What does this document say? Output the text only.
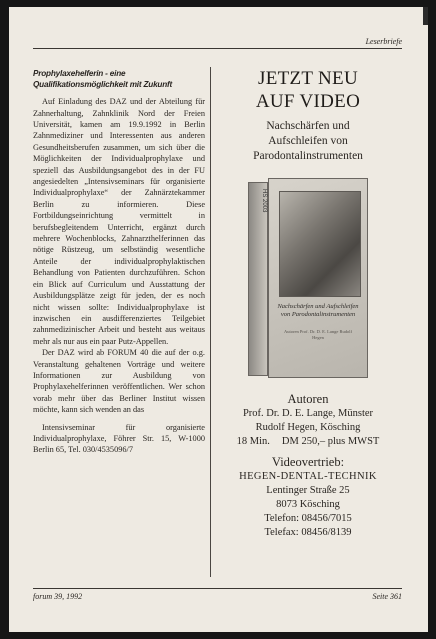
Leserbriefe
Prophylaxehelferin - eine Qualifikationsmöglichkeit mit Zukunft

Auf Einladung des DAZ und der Abteilung für Zahnerhaltung, Zahnklinik Nord der Freien Universität, kamen am 19.9.1992 in Berlin Zahnmediziner und Interessenten aus anderen Gesundheitsberufen zusammen, um sich über die Möglichkeiten der Individualprophylaxe und speziell das Ausbildungsangebot des in der FU angesiedelten „Intensivseminars für organisierte Individualprophylaxe“ der Zahnärztekammer Berlin zu informieren. Diese Fortbildungseinrichtung vermittelt in berufsbegleitendem Unterricht, ergänzt durch mehrere Wochenblocks, Zahnarzthelferinnen das nötige Rüstzeug, um selbständig wesentliche Anteile der individualprophylaktischen Behandlung von Patienten durchzuführen. Schon ein Blick auf Curriculum und Ausstattung der Ausbildungsplätze zeigt für jeden, der es noch nicht wissen sollte: Individualprophylaxe ist inzwischen ein ausdifferenziertes Teilgebiet zahnmedizinischer Arbeit und besteht aus weitaus mehr als nur aus ein paar Putz-Appellen.

Der DAZ wird ab FORUM 40 die auf der o.g. Veranstaltung gehaltenen Vorträge und weitere Informationen zur Ausbildung von Prophylaxehelferinnen veröffentlichen. Wer schon vorab mehr über das Berliner Institut wissen möchte, kann sich wenden an das

Intensivseminar für organisierte Individualprophylaxe, Föhrer Str. 15, W-1000 Berlin 65, Tel. 030/4535096/7

JETZT NEU
AUF VIDEO
Nachschärfen und
Aufschleifen von
Parodontalinstrumenten
HS 2003
Nachschärfen und Aufschleifen von Parodontalinstrumenten
Autoren Prof. Dr. D. E. Lange Rudolf Hegen
Autoren
Prof. Dr. D. E. Lange, Münster
Rudolf Hegen, Kösching
18 Min. DM 250,– plus MWST
Videovertrieb:
HEGEN-DENTAL-TECHNIK
Lentinger Straße 25
8073 Kösching
Telefon: 08456/7015
Telefax: 08456/8139
forum 39, 1992	Seite 361
